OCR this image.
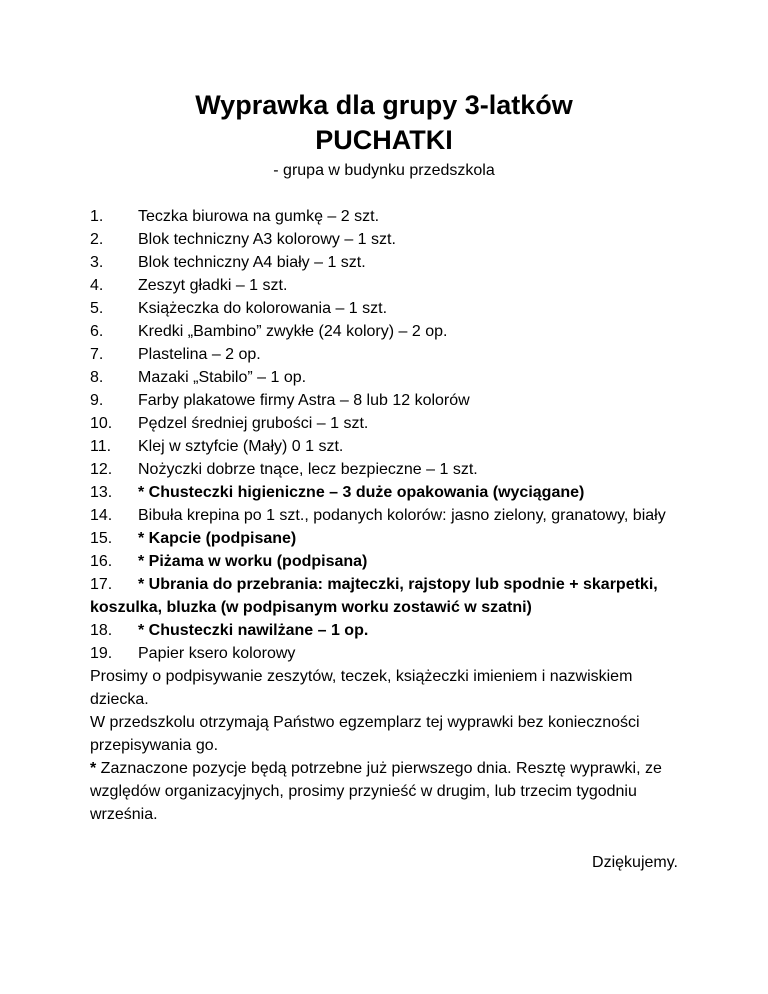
Wyprawka dla grupy 3-latków
PUCHATKI
- grupa w budynku przedszkola
1. Teczka biurowa na gumkę – 2 szt.
2. Blok techniczny A3 kolorowy – 1 szt.
3. Blok techniczny A4 biały – 1 szt.
4. Zeszyt gładki – 1 szt.
5. Książeczka do kolorowania – 1 szt.
6. Kredki „Bambino” zwykłe (24 kolory) – 2 op.
7. Plastelina – 2 op.
8. Mazaki „Stabilo” – 1 op.
9. Farby plakatowe firmy Astra – 8 lub 12 kolorów
10. Pędzel średniej grubości – 1 szt.
11. Klej w sztyfcie (Mały) 0 1 szt.
12. Nożyczki dobrze tnące, lecz bezpieczne – 1 szt.
13. * Chusteczki higieniczne – 3 duże opakowania (wyciągane)
14. Bibuła krepina po 1 szt., podanych kolorów: jasno zielony, granatowy, biały
15. * Kapcie (podpisane)
16. * Piżama w worku (podpisana)
17. * Ubrania do przebrania: majteczki, rajstopy lub spodnie + skarpetki, koszulka, bluzka (w podpisanym worku zostawić w szatni)
18. * Chusteczki nawilżane – 1 op.
19. Papier ksero kolorowy

Prosimy o podpisywanie zeszytów, teczek, książeczki imieniem i nazwiskiem dziecka.

W przedszkolu otrzymają Państwo egzemplarz tej wyprawki bez konieczności przepisywania go.

* Zaznaczone pozycje będą potrzebne już pierwszego dnia. Resztę wyprawki, ze względów organizacyjnych, prosimy przynieść w drugim, lub trzecim tygodniu września.

Dziękujemy.
